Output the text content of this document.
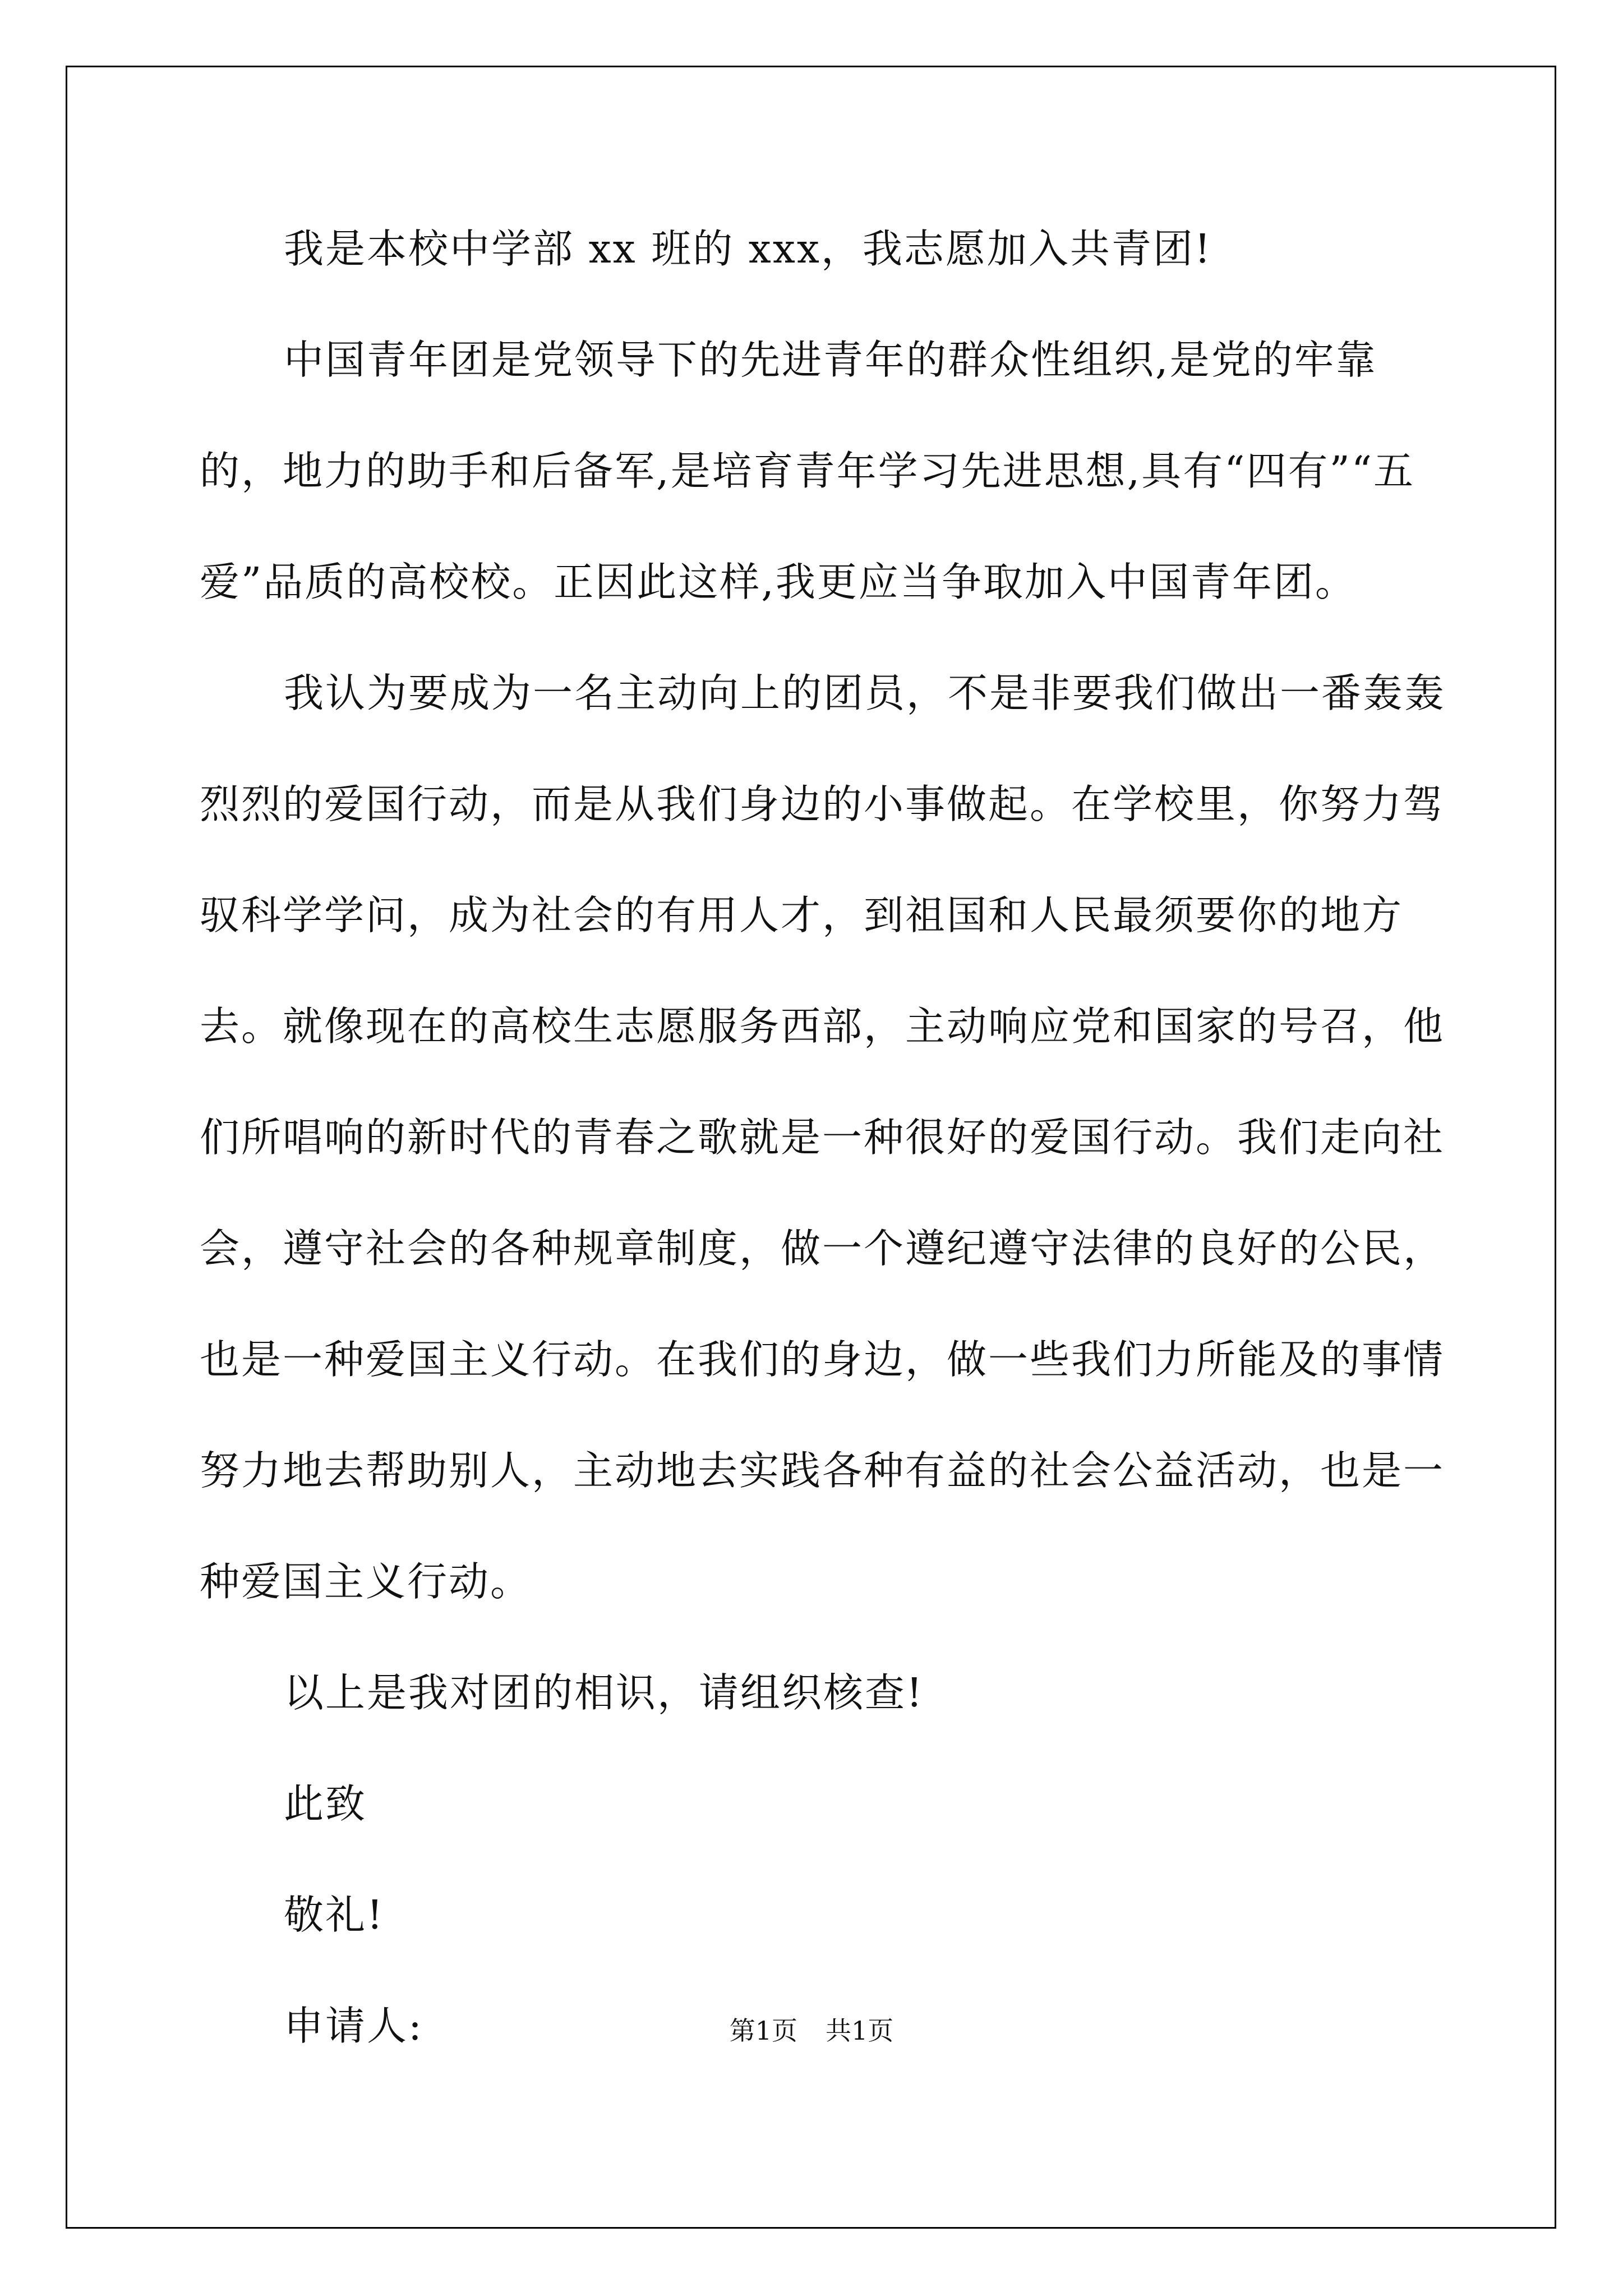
我是本校中学部 xx 班的 xxx，我志愿加入共青团!

中国青年团是党领导下的先进青年的群众性组织,是党的牢靠的，地力的助手和后备军,是培育青年学习先进思想,具有“四有”“五爱”品质的高校校。正因此这样,我更应当争取加入中国青年团。

我认为要成为一名主动向上的团员，不是非要我们做出一番轰轰烈烈的爱国行动，而是从我们身边的小事做起。在学校里，你努力驾驭科学学问，成为社会的有用人才，到祖国和人民最须要你的地方去。就像现在的高校生志愿服务西部，主动响应党和国家的号召，他们所唱响的新时代的青春之歌就是一种很好的爱国行动。我们走向社会，遵守社会的各种规章制度，做一个遵纪遵守法律的良好的公民，也是一种爱国主义行动。在我们的身边，做一些我们力所能及的事情努力地去帮助别人，主动地去实践各种有益的社会公益活动，也是一种爱国主义行动。

以上是我对团的相识，请组织核查!

此致

敬礼!

申请人:	第1页 共1页
